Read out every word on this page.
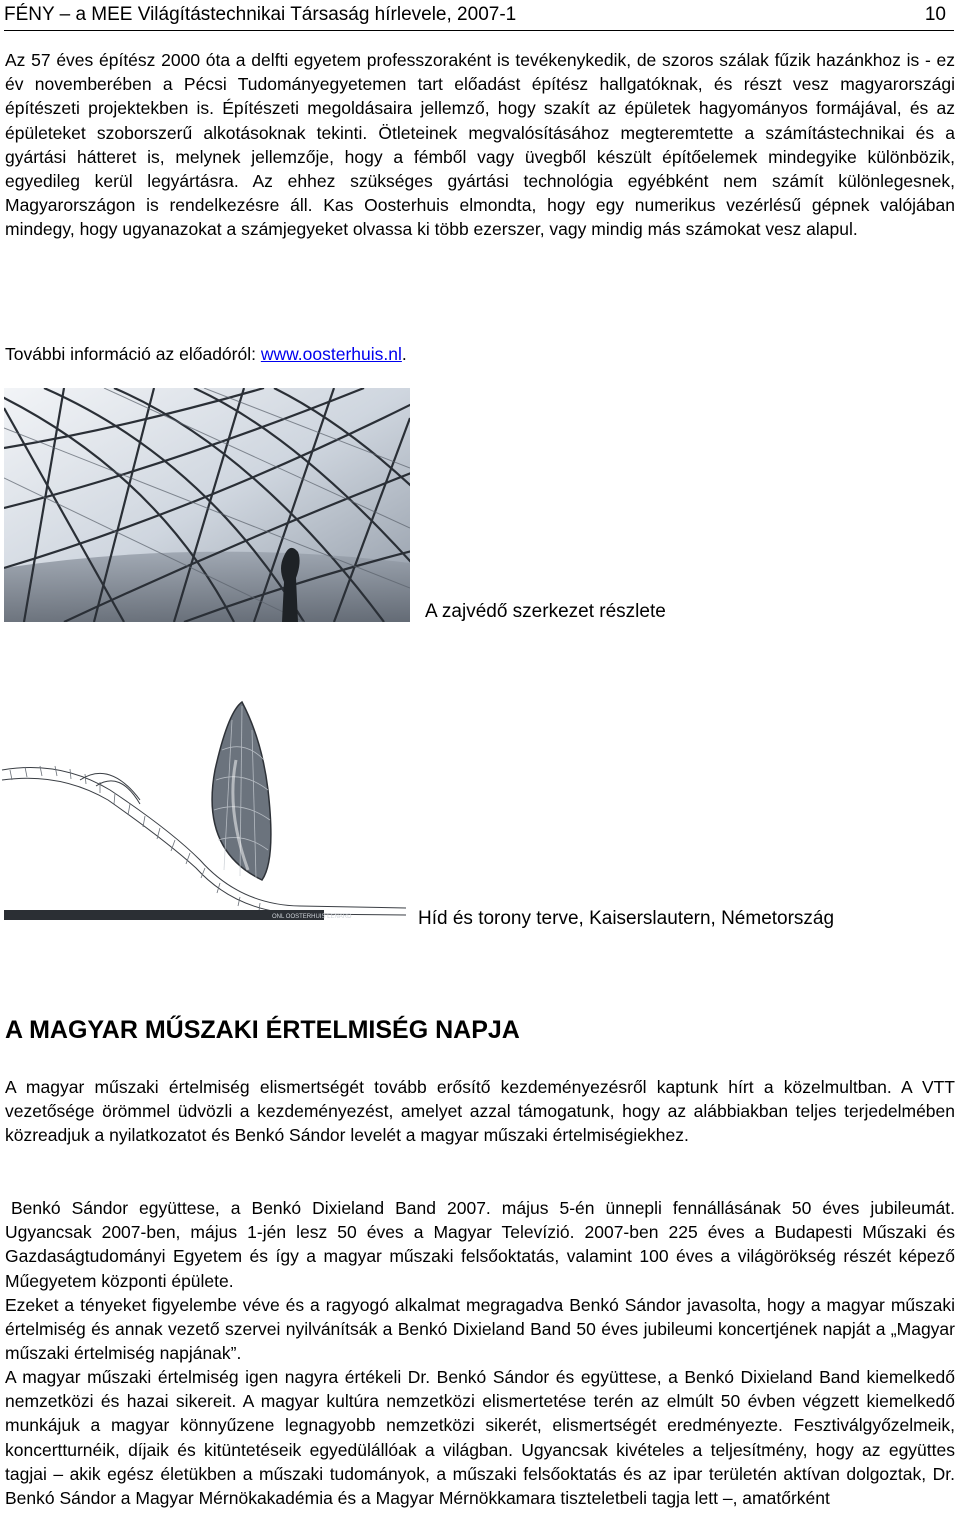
FÉNY – a MEE Világítástechnikai Társaság hírlevele, 2007-1	10

Az 57 éves építész 2000 óta a delfti egyetem professzoraként is tevékenykedik, de szoros szálak fűzik hazánkhoz is - ez év novemberében a Pécsi Tudományegyetemen tart előadást építész hallgatóknak, és részt vesz magyarországi építészeti projektekben is. Építészeti megoldásaira jellemző, hogy szakít az épületek hagyományos formájával, és az épületeket szoborszerű alkotásoknak tekinti. Ötleteinek megvalósításához megteremtette a számítástechnikai és a gyártási hátteret is, melynek jellemzője, hogy a fémből vagy üvegből készült építőelemek mindegyike különbözik, egyedileg kerül legyártásra. Az ehhez szükséges gyártási technológia egyébként nem számít különlegesnek, Magyarországon is rendelkezésre áll. Kas Oosterhuis elmondta, hogy egy numerikus vezérlésű gépnek valójában mindegy, hogy ugyanazokat a számjegyeket olvassa ki több ezerszer, vagy mindig más számokat vesz alapul.

További információ az előadóról: www.oosterhuis.nl.

A zajvédő szerkezet részlete
ONL OOSTERHUIS LENARD	Híd és torony terve, Kaiserslautern, Németország
A MAGYAR MŰSZAKI ÉRTELMISÉG NAPJA

A magyar műszaki értelmiség elismertségét tovább erősítő kezdeményezésről kaptunk hírt a közelmultban. A VTT vezetősége örömmel üdvözli a kezdeményezést, amelyet azzal támogatunk, hogy az alábbiakban teljes terjedelmében közreadjuk a nyilatkozatot és Benkó Sándor levelét a magyar műszaki értelmiségiekhez.

Benkó Sándor együttese, a Benkó Dixieland Band 2007. május 5-én ünnepli fennállásának 50 éves jubileumát. Ugyancsak 2007-ben, május 1-jén lesz 50 éves a Magyar Televízió. 2007-ben 225 éves a Budapesti Műszaki és Gazdaságtudományi Egyetem és így a magyar műszaki felsőoktatás, valamint 100 éves a világörökség részét képező Műegyetem központi épülete.

Ezeket a tényeket figyelembe véve és a ragyogó alkalmat megragadva Benkó Sándor javasolta, hogy a magyar műszaki értelmiség és annak vezető szervei nyilvánítsák a Benkó Dixieland Band 50 éves jubileumi koncertjének napját a „Magyar műszaki értelmiség napjának”.

A magyar műszaki értelmiség igen nagyra értékeli Dr. Benkó Sándor és együttese, a Benkó Dixieland Band kiemelkedő nemzetközi és hazai sikereit. A magyar kultúra nemzetközi elismertetése terén az elmúlt 50 évben végzett kiemelkedő munkájuk a magyar könnyűzene legnagyobb nemzetközi sikerét, elismertségét eredményezte. Fesztiválgyőzelmeik, koncertturnéik, díjaik és kitüntetéseik egyedülállóak a világban. Ugyancsak kivételes a teljesítmény, hogy az együttes tagjai – akik egész életükben a műszaki tudományok, a műszaki felsőoktatás és az ipar területén aktívan dolgoztak, Dr. Benkó Sándor a Magyar Mérnökakadémia és a Magyar Mérnökkamara tiszteletbeli tagja lett –, amatőrként
